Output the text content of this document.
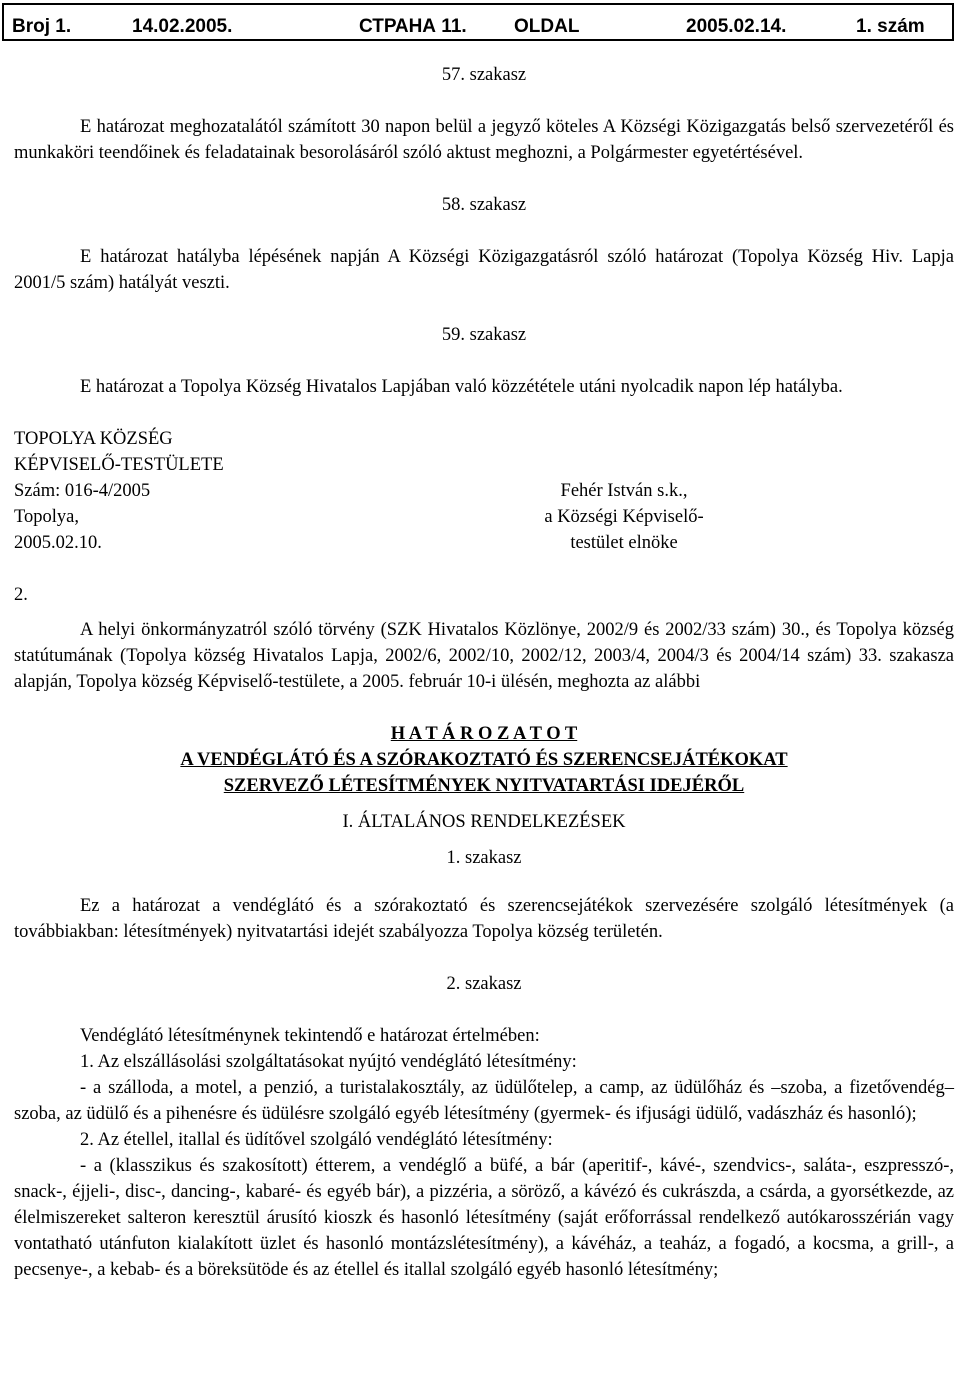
Broj 1.	14.02.2005.	СТРАНА 11. OLDAL	2005.02.14.	1. szám

57. szakasz

E határozat meghozatalától számított 30 napon belül a jegyző köteles A Községi Közigazgatás belső szervezetéről és munkaköri teendőinek és feladatainak besorolásáról szóló aktust meghozni, a Polgármester egyetértésével.

58. szakasz

E határozat hatályba lépésének napján A Községi Közigazgatásról szóló határozat (Topolya Község Hiv. Lapja 2001/5 szám) hatályát veszti.

59. szakasz

E határozat a Topolya Község Hivatalos Lapjában való közzététele utáni nyolcadik napon lép hatályba.

TOPOLYA KÖZSÉG

KÉPVISELŐ-TESTÜLETE

Szám: 016-4/2005	Fehér István s.k.,
Topolya,	a Községi Képviselő-
2005.02.10.	testület elnöke

2.

A helyi önkormányzatról szóló törvény (SZK Hivatalos Közlönye, 2002/9 és 2002/33 szám) 30., és Topolya község statútumának (Topolya község Hivatalos Lapja, 2002/6, 2002/10, 2002/12, 2003/4, 2004/3 és 2004/14 szám) 33. szakasza alapján, Topolya község Képviselő-testülete, a 2005. február 10-i ülésén, meghozta az alábbi

H A T Á R O Z A T O T

A VENDÉGLÁTÓ ÉS A SZÓRAKOZTATÓ ÉS SZERENCSEJÁTÉKOKAT

SZERVEZŐ LÉTESÍTMÉNYEK NYITVATARTÁSI IDEJÉRŐL

I. ÁLTALÁNOS RENDELKEZÉSEK

1. szakasz

Ez a határozat a vendéglátó és a szórakoztató és szerencsejátékok szervezésére szolgáló létesítmények (a továbbiakban: létesítmények) nyitvatartási idejét szabályozza Topolya község területén.

2. szakasz

Vendéglátó létesítménynek tekintendő e határozat értelmében:

1. Az elszállásolási szolgáltatásokat nyújtó vendéglátó létesítmény:

- a szálloda, a motel, a penzió, a turistalakosztály, az üdülőtelep, a camp, az üdülőház és –szoba, a fizetővendég–szoba, az üdülő és a pihenésre és üdülésre szolgáló egyéb létesítmény (gyermek- és ifjusági üdülő, vadászház és hasonló);

2. Az étellel, itallal és üdítővel szolgáló vendéglátó létesítmény:

- a (klasszikus és szakosított) étterem, a vendéglő a büfé, a bár (aperitif-, kávé-, szendvics-, saláta-, eszpresszó-, snack-, éjjeli-, disc-, dancing-, kabaré- és egyéb bár), a pizzéria, a söröző, a kávézó és cukrászda, a csárda, a gyorsétkezde, az élelmiszereket salteron keresztül árusító kioszk és hasonló létesítmény (saját erőforrással rendelkező autókarosszérián vagy vontatható utánfuton kialakított üzlet és hasonló montázslétesítmény), a kávéház, a teaház, a fogadó, a kocsma, a grill-, a pecsenye-, a kebab- és a böreksütöde és az étellel és itallal szolgáló egyéb hasonló létesítmény;
